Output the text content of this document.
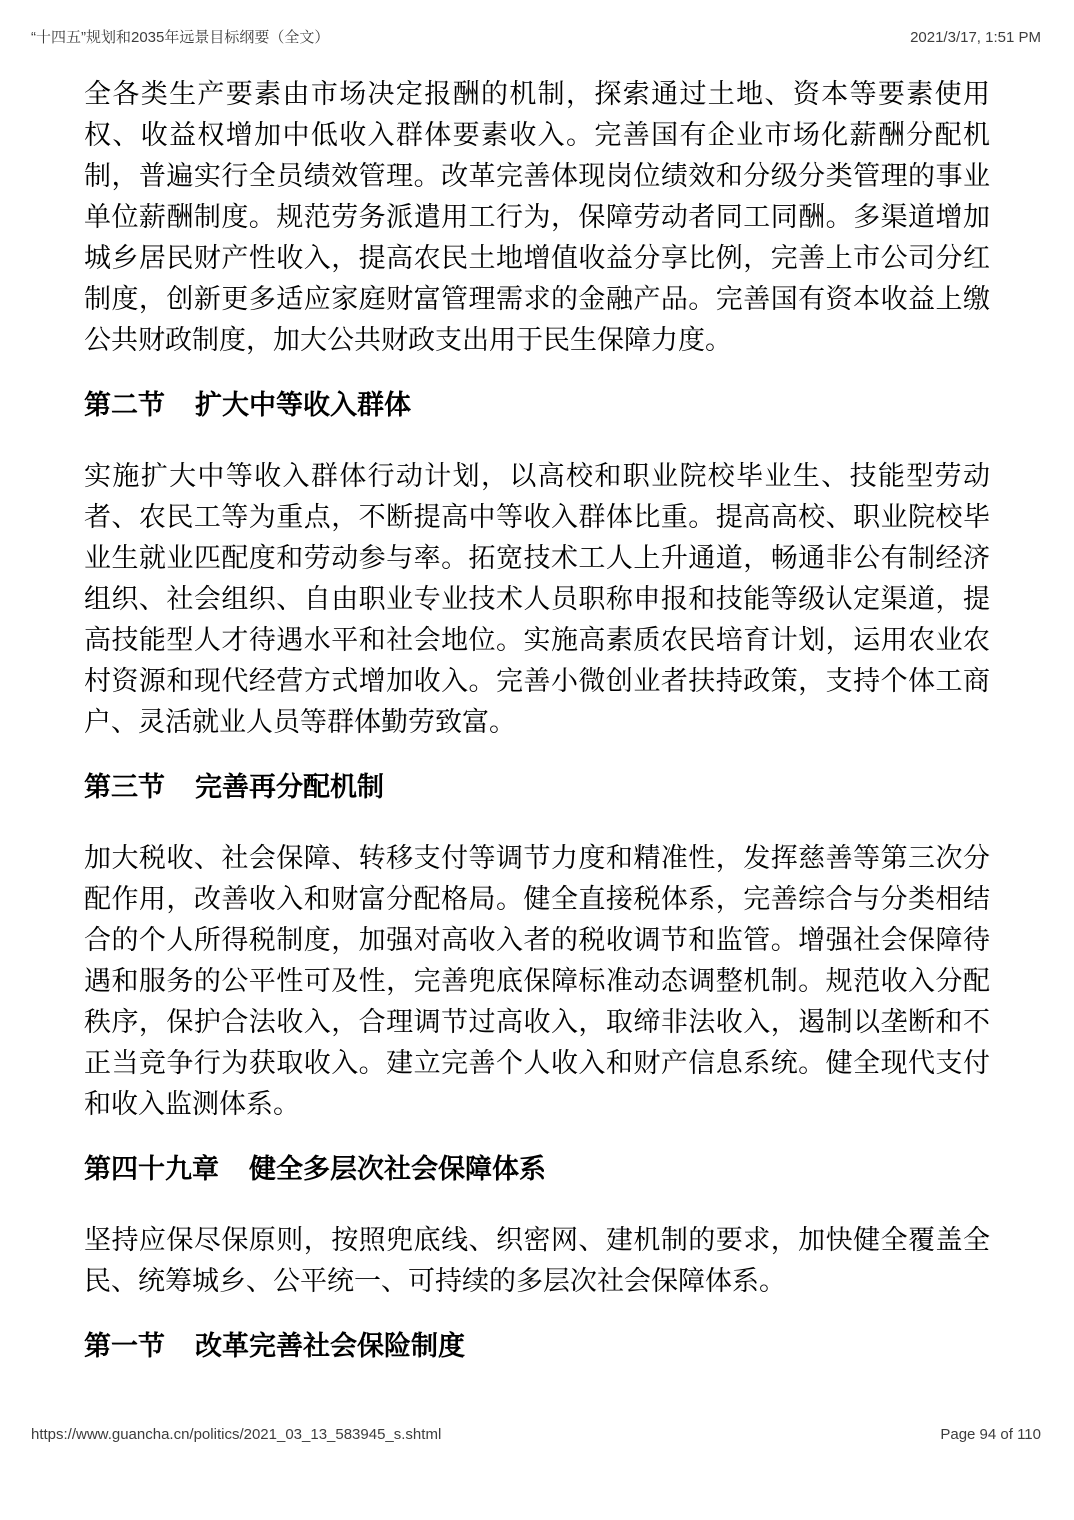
“十四五”规划和2035年远景目标纲要（全文）	2021/3/17, 1:51 PM

全各类生产要素由市场决定报酬的机制，探索通过土地、资本等要素使用权、收益权增加中低收入群体要素收入。完善国有企业市场化薪酬分配机制，普遍实行全员绩效管理。改革完善体现岗位绩效和分级分类管理的事业单位薪酬制度。规范劳务派遣用工行为，保障劳动者同工同酬。多渠道增加城乡居民财产性收入，提高农民土地增值收益分享比例，完善上市公司分红制度，创新更多适应家庭财富管理需求的金融产品。完善国有资本收益上缴公共财政制度，加大公共财政支出用于民生保障力度。

第二节 扩大中等收入群体

实施扩大中等收入群体行动计划，以高校和职业院校毕业生、技能型劳动者、农民工等为重点，不断提高中等收入群体比重。提高高校、职业院校毕业生就业匹配度和劳动参与率。拓宽技术工人上升通道，畅通非公有制经济组织、社会组织、自由职业专业技术人员职称申报和技能等级认定渠道，提高技能型人才待遇水平和社会地位。实施高素质农民培育计划，运用农业农村资源和现代经营方式增加收入。完善小微创业者扶持政策，支持个体工商户、灵活就业人员等群体勤劳致富。

第三节 完善再分配机制

加大税收、社会保障、转移支付等调节力度和精准性，发挥慈善等第三次分配作用，改善收入和财富分配格局。健全直接税体系，完善综合与分类相结合的个人所得税制度，加强对高收入者的税收调节和监管。增强社会保障待遇和服务的公平性可及性，完善兜底保障标准动态调整机制。规范收入分配秩序，保护合法收入，合理调节过高收入，取缔非法收入，遏制以垄断和不正当竞争行为获取收入。建立完善个人收入和财产信息系统。健全现代支付和收入监测体系。

第四十九章 健全多层次社会保障体系

坚持应保尽保原则，按照兜底线、织密网、建机制的要求，加快健全覆盖全民、统筹城乡、公平统一、可持续的多层次社会保障体系。

第一节 改革完善社会保险制度
https://www.guancha.cn/politics/2021_03_13_583945_s.shtml	Page 94 of 110
